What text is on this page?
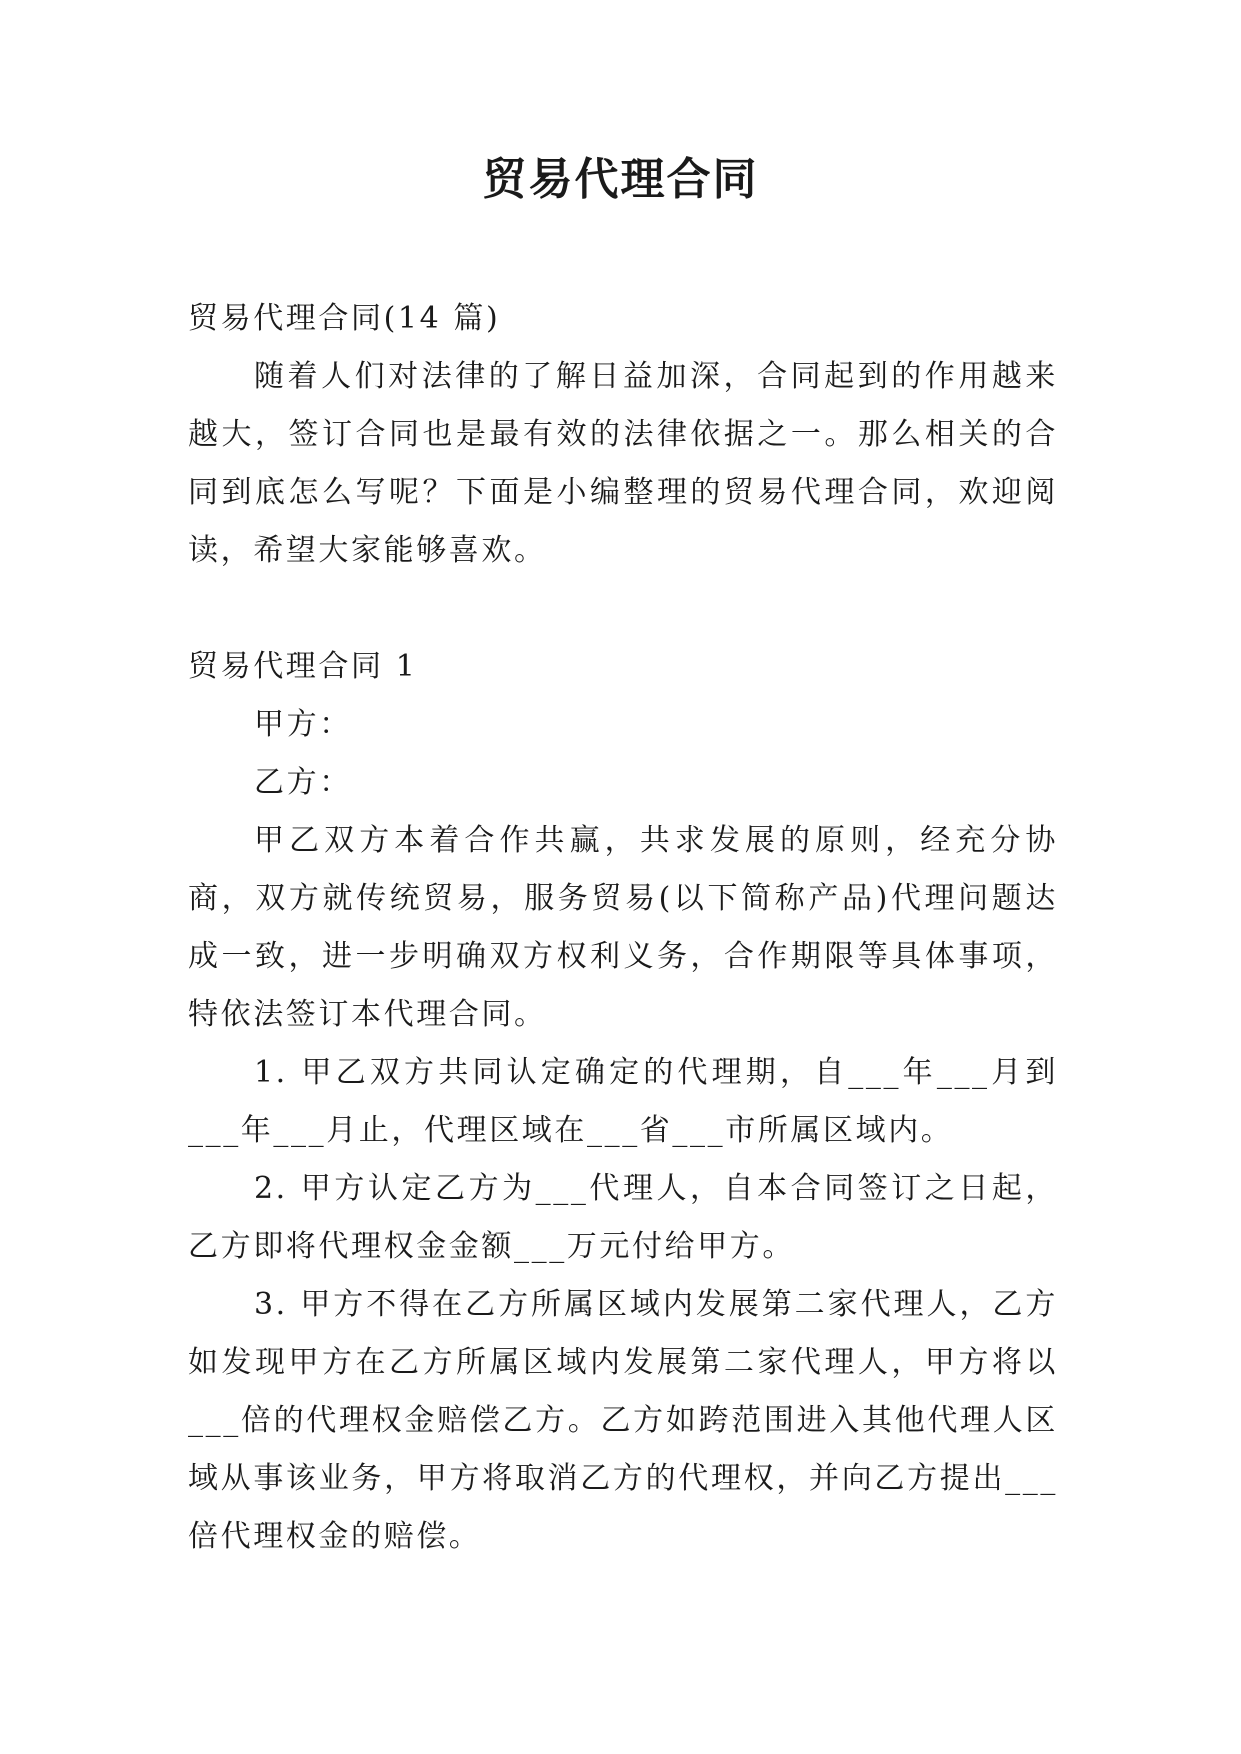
贸易代理合同

贸易代理合同(14 篇)

随着人们对法律的了解日益加深，合同起到的作用越来越大，签订合同也是最有效的法律依据之一。那么相关的合同到底怎么写呢？下面是小编整理的贸易代理合同，欢迎阅读，希望大家能够喜欢。

贸易代理合同 1

甲方：

乙方：

甲乙双方本着合作共赢，共求发展的原则，经充分协商，双方就传统贸易，服务贸易(以下简称产品)代理问题达成一致，进一步明确双方权利义务，合作期限等具体事项，特依法签订本代理合同。

1. 甲乙双方共同认定确定的代理期，自___年___月到___年___月止，代理区域在___省___市所属区域内。

2. 甲方认定乙方为___代理人，自本合同签订之日起，乙方即将代理权金金额___万元付给甲方。

3. 甲方不得在乙方所属区域内发展第二家代理人，乙方如发现甲方在乙方所属区域内发展第二家代理人，甲方将以___倍的代理权金赔偿乙方。乙方如跨范围进入其他代理人区域从事该业务，甲方将取消乙方的代理权，并向乙方提出___倍代理权金的赔偿。
